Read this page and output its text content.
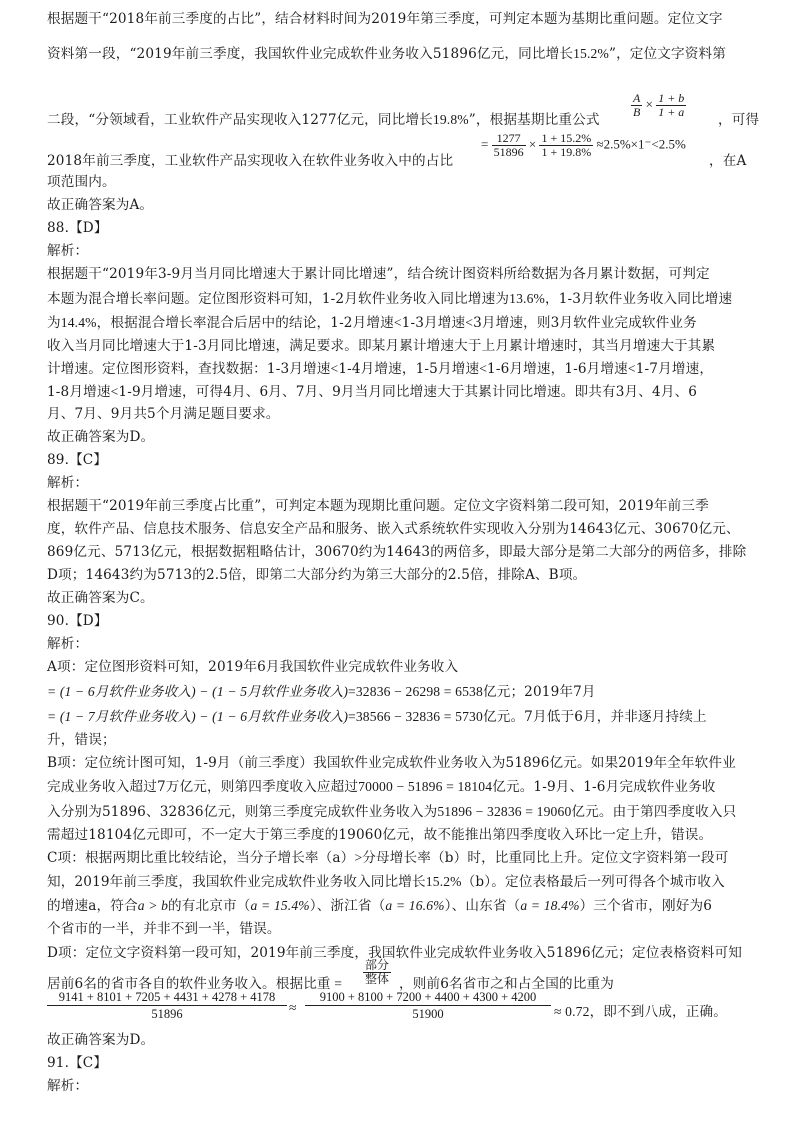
根据题干“2018年前三季度的占比”，结合材料时间为2019年第三季度，可判定本题为基期比重问题。定位文字
资料第一段，“2019年前三季度，我国软件业完成软件业务收入51896亿元，同比增长15.2%”，定位文字资料第
二段，“分领域看，工业软件产品实现收入1277亿元，同比增长19.8%”，根据基期比重公式
$\frac{A}{B} \times \frac{1 + b}{1 + a}$
，可得
2018年前三季度，工业软件产品实现收入在软件业务收入中的占比
= $\frac{1277}{51896} \times \frac{1 + 15.2\%}{1 + 19.8\%} \approx 2.5\%\times 1^-<2.5\%$
，在A
项范围内。
故正确答案为A。
88.【D】
解析：
根据题干“2019年3-9月当月同比增速大于累计同比增速”，结合统计图资料所给数据为各月累计数据，可判定
本题为混合增长率问题。定位图形资料可知，1-2月软件业务收入同比增速为13.6%，1-3月软件业务收入同比增速
为14.4%，根据混合增长率混合后居中的结论，1-2月增速<1-3月增速<3月增速，则3月软件业完成软件业务
收入当月同比增速大于1-3月同比增速，满足要求。即某月累计增速大于上月累计增速时，其当月增速大于其累
计增速。定位图形资料，查找数据：1-3月增速<1-4月增速，1-5月增速<1-6月增速，1-6月增速<1-7月增速，
1-8月增速<1-9月增速，可得4月、6月、7月、9月当月同比增速大于其累计同比增速。即共有3月、4月、6
月、7月、9月共5个月满足题目要求。
故正确答案为D。
89.【C】
解析：
根据题干“2019年前三季度占比重”，可判定本题为现期比重问题。定位文字资料第二段可知，2019年前三季
度，软件产品、信息技术服务、信息安全产品和服务、嵌入式系统软件实现收入分别为14643亿元、30670亿元、
869亿元、5713亿元，根据数据粗略估计，30670约为14643的两倍多，即最大部分是第二大部分的两倍多，排除
D项；14643约为5713的2.5倍，即第二大部分约为第三大部分的2.5倍，排除A、B项。
故正确答案为C。
90.【D】
解析：
A项：定位图形资料可知，2019年6月我国软件业完成软件业务收入
= (1 − 6月软件业务收入) − (1 − 5月软件业务收入)=32836 − 26298 = 6538亿元；2019年7月
= (1 − 7月软件业务收入) − (1 − 6月软件业务收入)=38566 − 32836 = 5730亿元。7月低于6月，并非逐月持续上
升，错误；
B项：定位统计图可知，1-9月（前三季度）我国软件业完成软件业务收入为51896亿元。如果2019年全年软件业
完成业务收入超过7万亿元，则第四季度收入应超过70000 − 51896 = 18104亿元。1-9月、1-6月完成软件业务收
入分别为51896、32836亿元，则第三季度完成软件业务收入为51896 − 32836 = 19060亿元。由于第四季度收入只
需超过18104亿元即可，不一定大于第三季度的19060亿元，故不能推出第四季度收入环比一定上升，错误。
C项：根据两期比重比较结论，当分子增长率（a）>分母增长率（b）时，比重同比上升。定位文字资料第一段可
知，2019年前三季度，我国软件业完成软件业务收入同比增长15.2%（b）。定位表格最后一列可得各个城市收入
的增速a，符合a > b的有北京市（a = 15.4%）、浙江省（a = 16.6%）、山东省（a = 18.4%）三个省市，刚好为6
个省市的一半，并非不到一半，错误。
D项：定位文字资料第一段可知，2019年前三季度，我国软件业完成软件业务收入51896亿元；定位表格资料可知
居前6名的省市各自的软件业务收入。根据比重 = $\frac{\text{部分}}{\text{整体}}$ ，则前6名省市之和占全国的比重为
9141 + 8101 + 7205 + 4431 + 4278 + 4178
51896	≈
9100 + 8100 + 7200 + 4400 + 4300 + 4200
51900	≈ 0.72，即不到八成，正确。
故正确答案为D。
91.【C】
解析：
